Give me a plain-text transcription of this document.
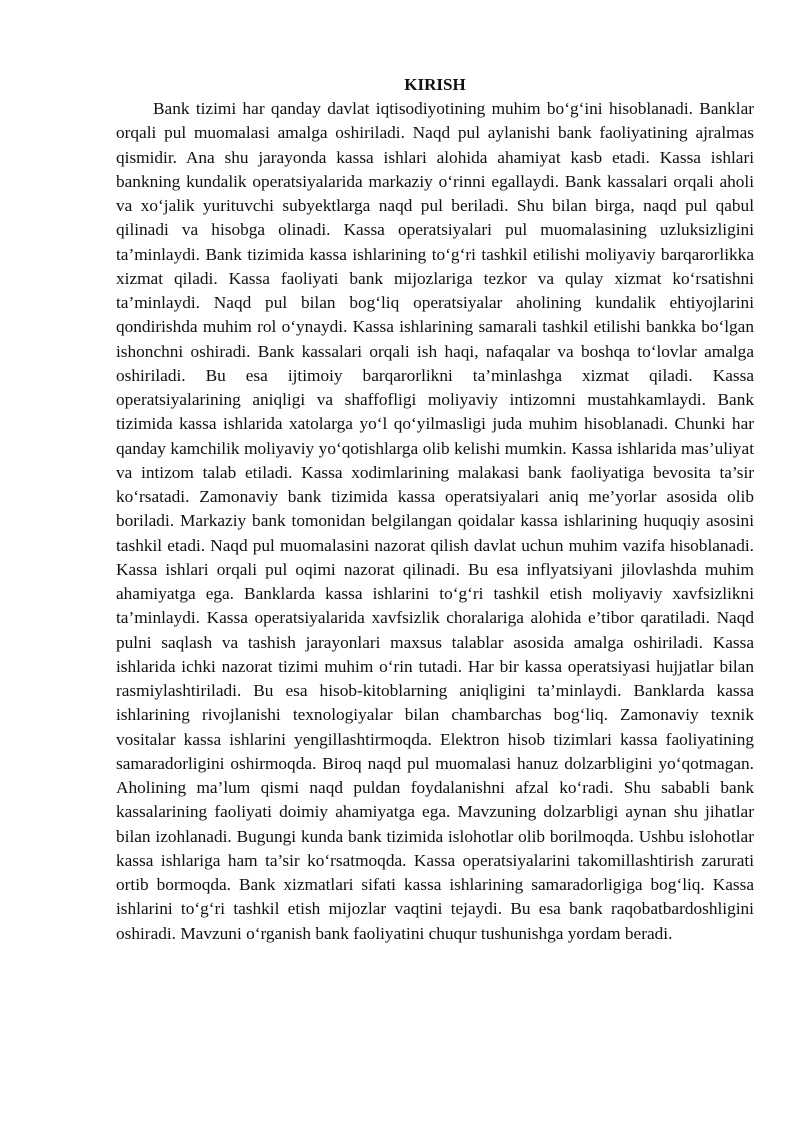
KIRISH

Bank tizimi har qanday davlat iqtisodiyotining muhim bo‘g‘ini hisoblanadi. Banklar orqali pul muomalasi amalga oshiriladi. Naqd pul aylanishi bank faoliyatining ajralmas qismidir. Ana shu jarayonda kassa ishlari alohida ahamiyat kasb etadi. Kassa ishlari bankning kundalik operatsiyalarida markaziy o‘rinni egallaydi. Bank kassalari orqali aholi va xo‘jalik yurituvchi subyektlarga naqd pul beriladi. Shu bilan birga, naqd pul qabul qilinadi va hisobga olinadi. Kassa operatsiyalari pul muomalasining uzluksizligini ta’minlaydi. Bank tizimida kassa ishlarining to‘g‘ri tashkil etilishi moliyaviy barqarorlikka xizmat qiladi. Kassa faoliyati bank mijozlariga tezkor va qulay xizmat ko‘rsatishni ta’minlaydi. Naqd pul bilan bog‘liq operatsiyalar aholining kundalik ehtiyojlarini qondirishda muhim rol o‘ynaydi. Kassa ishlarining samarali tashkil etilishi bankka bo‘lgan ishonchni oshiradi. Bank kassalari orqali ish haqi, nafaqalar va boshqa to‘lovlar amalga oshiriladi. Bu esa ijtimoiy barqarorlikni ta’minlashga xizmat qiladi. Kassa operatsiyalarining aniqligi va shaffofligi moliyaviy intizomni mustahkamlaydi. Bank tizimida kassa ishlarida xatolarga yo‘l qo‘yilmasligi juda muhim hisoblanadi. Chunki har qanday kamchilik moliyaviy yo‘qotishlarga olib kelishi mumkin. Kassa ishlarida mas’uliyat va intizom talab etiladi. Kassa xodimlarining malakasi bank faoliyatiga bevosita ta’sir ko‘rsatadi. Zamonaviy bank tizimida kassa operatsiyalari aniq me’yorlar asosida olib boriladi. Markaziy bank tomonidan belgilangan qoidalar kassa ishlarining huquqiy asosini tashkil etadi. Naqd pul muomalasini nazorat qilish davlat uchun muhim vazifa hisoblanadi. Kassa ishlari orqali pul oqimi nazorat qilinadi. Bu esa inflyatsiyani jilovlashda muhim ahamiyatga ega. Banklarda kassa ishlarini to‘g‘ri tashkil etish moliyaviy xavfsizlikni ta’minlaydi. Kassa operatsiyalarida xavfsizlik choralariga alohida e’tibor qaratiladi. Naqd pulni saqlash va tashish jarayonlari maxsus talablar asosida amalga oshiriladi. Kassa ishlarida ichki nazorat tizimi muhim o‘rin tutadi. Har bir kassa operatsiyasi hujjatlar bilan rasmiylashtiriladi. Bu esa hisob-kitoblarning aniqligini ta’minlaydi. Banklarda kassa ishlarining rivojlanishi texnologiyalar bilan chambarchas bog‘liq. Zamonaviy texnik vositalar kassa ishlarini yengillashtirmoqda. Elektron hisob tizimlari kassa faoliyatining samaradorligini oshirmoqda. Biroq naqd pul muomalasi hanuz dolzarbligini yo‘qotmagan. Aholining ma’lum qismi naqd puldan foydalanishni afzal ko‘radi. Shu sababli bank kassalarining faoliyati doimiy ahamiyatga ega. Mavzuning dolzarbligi aynan shu jihatlar bilan izohlanadi. Bugungi kunda bank tizimida islohotlar olib borilmoqda. Ushbu islohotlar kassa ishlariga ham ta’sir ko‘rsatmoqda. Kassa operatsiyalarini takomillashtirish zarurati ortib bormoqda. Bank xizmatlari sifati kassa ishlarining samaradorligiga bog‘liq. Kassa ishlarini to‘g‘ri tashkil etish mijozlar vaqtini tejaydi. Bu esa bank raqobatbardoshligini oshiradi. Mavzuni o‘rganish bank faoliyatini chuqur tushunishga yordam beradi.
